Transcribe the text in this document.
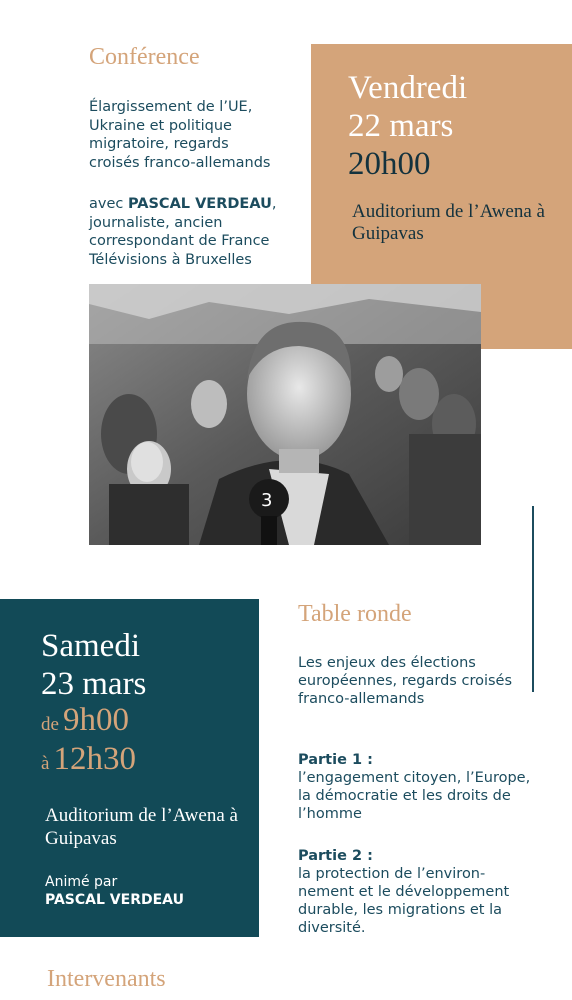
Conférence
Élargissement de l’UE,
Ukraine et politique
migratoire, regards
croisés franco-allemands
avec PASCAL VERDEAU, journaliste, ancien correspondant de France Télévisions à Bruxelles
Vendredi
22 mars
20h00
Auditorium de l’Awena à Guipavas
3
Samedi
23 mars
de 9h00
à 12h30
Auditorium de l’Awena à Guipavas
Animé par
PASCAL VERDEAU
Table ronde
Les enjeux des élections européennes, regards croisés franco-allemands
Partie 1 :
l’engagement citoyen, l’Europe, la démocratie et les droits de l’homme
Partie 2 :
la protection de l’environ-nement et le développement durable, les migrations et la diversité.
Intervenants
